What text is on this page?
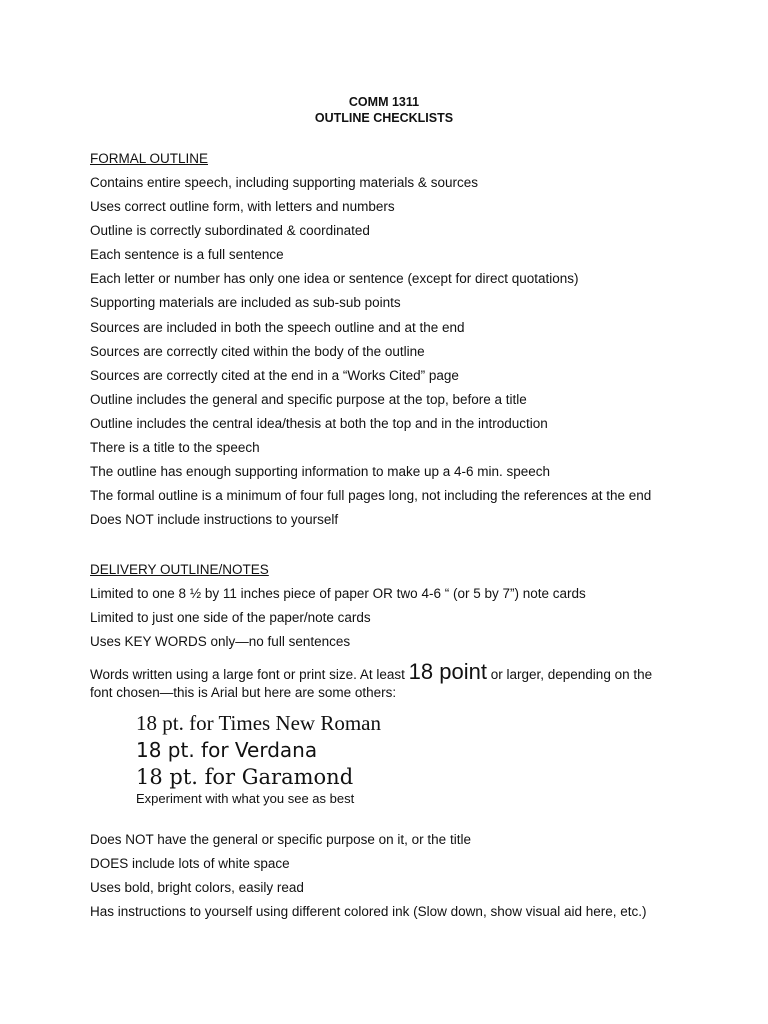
COMM 1311
OUTLINE CHECKLISTS
FORMAL OUTLINE
Contains entire speech, including supporting materials & sources
Uses correct outline form, with letters and numbers
Outline is correctly subordinated & coordinated
Each sentence is a full sentence
Each letter or number has only one idea or sentence (except for direct quotations)
Supporting materials are included as sub-sub points
Sources are included in both the speech outline and at the end
Sources are correctly cited within the body of the outline
Sources are correctly cited at the end in a “Works Cited” page
Outline includes the general and specific purpose at the top, before a title
Outline includes the central idea/thesis at both the top and in the introduction
There is a title to the speech
The outline has enough supporting information to make up a 4-6 min. speech
The formal outline is a minimum of four full pages long, not including the references at the end
Does NOT include instructions to yourself
DELIVERY OUTLINE/NOTES
Limited to one 8 ½ by 11 inches piece of paper OR two 4-6 “ (or 5 by 7”) note cards
Limited to just one side of the paper/note cards
Uses KEY WORDS only—no full sentences
Words written using a large font or print size. At least 18 point or larger, depending on the
font chosen—this is Arial but here are some others:
18 pt. for Times New Roman
18 pt. for Verdana
18 pt. for Garamond
Experiment with what you see as best
Does NOT have the general or specific purpose on it, or the title
DOES include lots of white space
Uses bold, bright colors, easily read
Has instructions to yourself using different colored ink (Slow down, show visual aid here, etc.)
